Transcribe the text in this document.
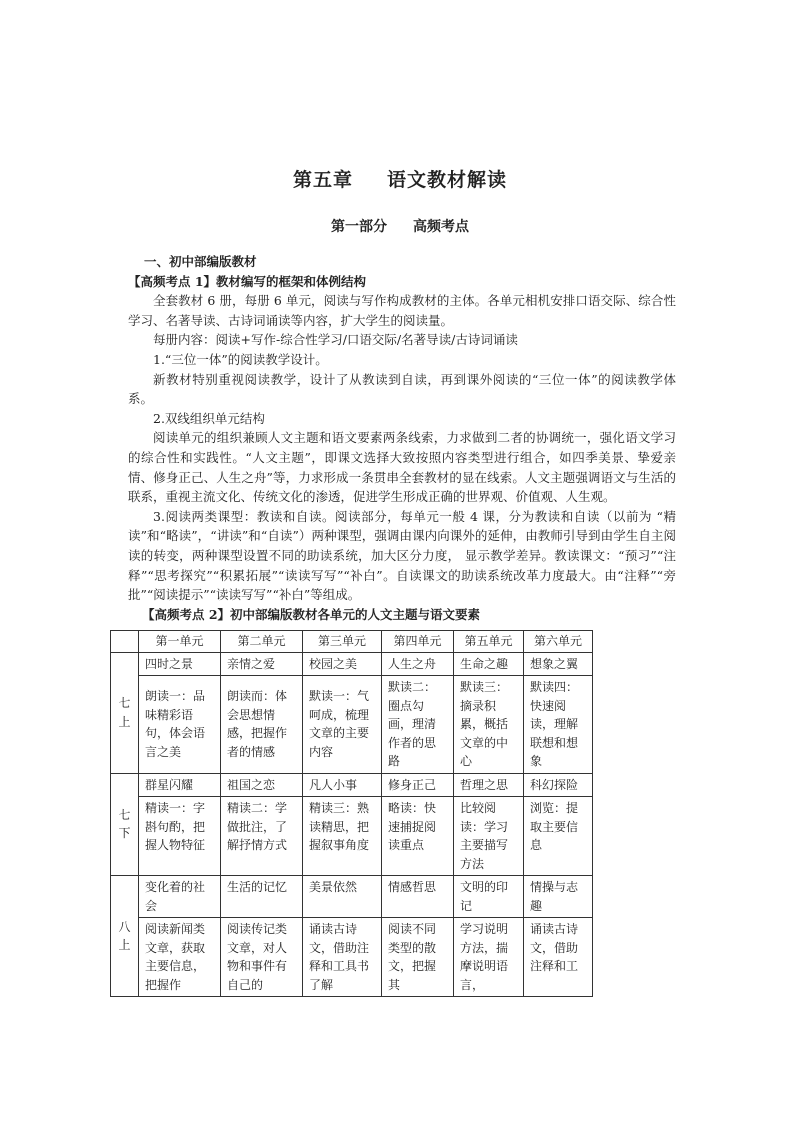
第五章 语文教材解读
第一部分 高频考点
一、初中部编版教材
【高频考点 1】教材编写的框架和体例结构

全套教材 6 册，每册 6 单元，阅读与写作构成教材的主体。各单元相机安排口语交际、综合性学习、名著导读、古诗词诵读等内容，扩大学生的阅读量。

每册内容：阅读+写作-综合性学习/口语交际/名著导读/古诗词诵读

1.“三位一体”的阅读教学设计。

新教材特别重视阅读教学，设计了从教读到自读，再到课外阅读的“三位一体”的阅读教学体系。

2.双线组织单元结构

阅读单元的组织兼顾人文主题和语文要素两条线索，力求做到二者的协调统一，强化语文学习的综合性和实践性。“人文主题”，即课文选择大致按照内容类型进行组合，如四季美景、挚爱亲情、修身正己、人生之舟”等，力求形成一条贯串全套教材的显在线索。人文主题强调语文与生活的联系，重视主流文化、传统文化的渗透，促进学生形成正确的世界观、价值观、人生观。

3.阅读两类课型：教读和自读。阅读部分，每单元一般 4 课，分为教读和自读（以前为 “精读”和“略读”，“讲读”和“自读”）两种课型，强调由课内向课外的延伸，由教师引导到由学生自主阅读的转变，两种课型设置不同的助读系统，加大区分力度， 显示教学差异。教读课文：“预习”“注释”“思考探究”“积累拓展”“读读写写”“补白”。自读课文的助读系统改革力度最大。由“注释”“旁批”“阅读提示”“读读写写”“补白”等组成。

【高频考点 2】初中部编版教材各单元的人文主题与语文要素
	第一单元	第二单元	第三单元	第四单元	第五单元	第六单元

七
上	四时之景	亲情之爱	校园之美	人生之舟	生命之趣	想象之翼
	朗读一：品味精彩语句，体会语言之美	朗读而：体会思想情感，把握作者的情感	默读一：气呵成，梳理文章的主要内容	默读二：圈点勾画，理清作者的思路	默读三：摘录积累，概括文章的中心	默读四：快速阅读，理解联想和想象

七
下	群星闪耀	祖国之恋	凡人小事	修身正己	哲理之思	科幻探险
	精读一：字斟句酌，把握人物特征	精读二：学做批注，了解抒情方式	精读三：熟读精思，把握叙事角度	略读：快速捕捉阅读重点	比较阅读：学习主要描写方法	浏览：提取主要信息

八
上	变化着的社会	生活的记忆	美景依然	情感哲思	文明的印记	情操与志趣
	阅读新闻类文章，获取主要信息，把握作	阅读传记类文章，对人物和事件有自己的	诵读古诗文，借助注释和工具书了解	阅读不同类型的散文，把握其	学习说明方法，揣摩说明语言，	诵读古诗文，借助注释和工
